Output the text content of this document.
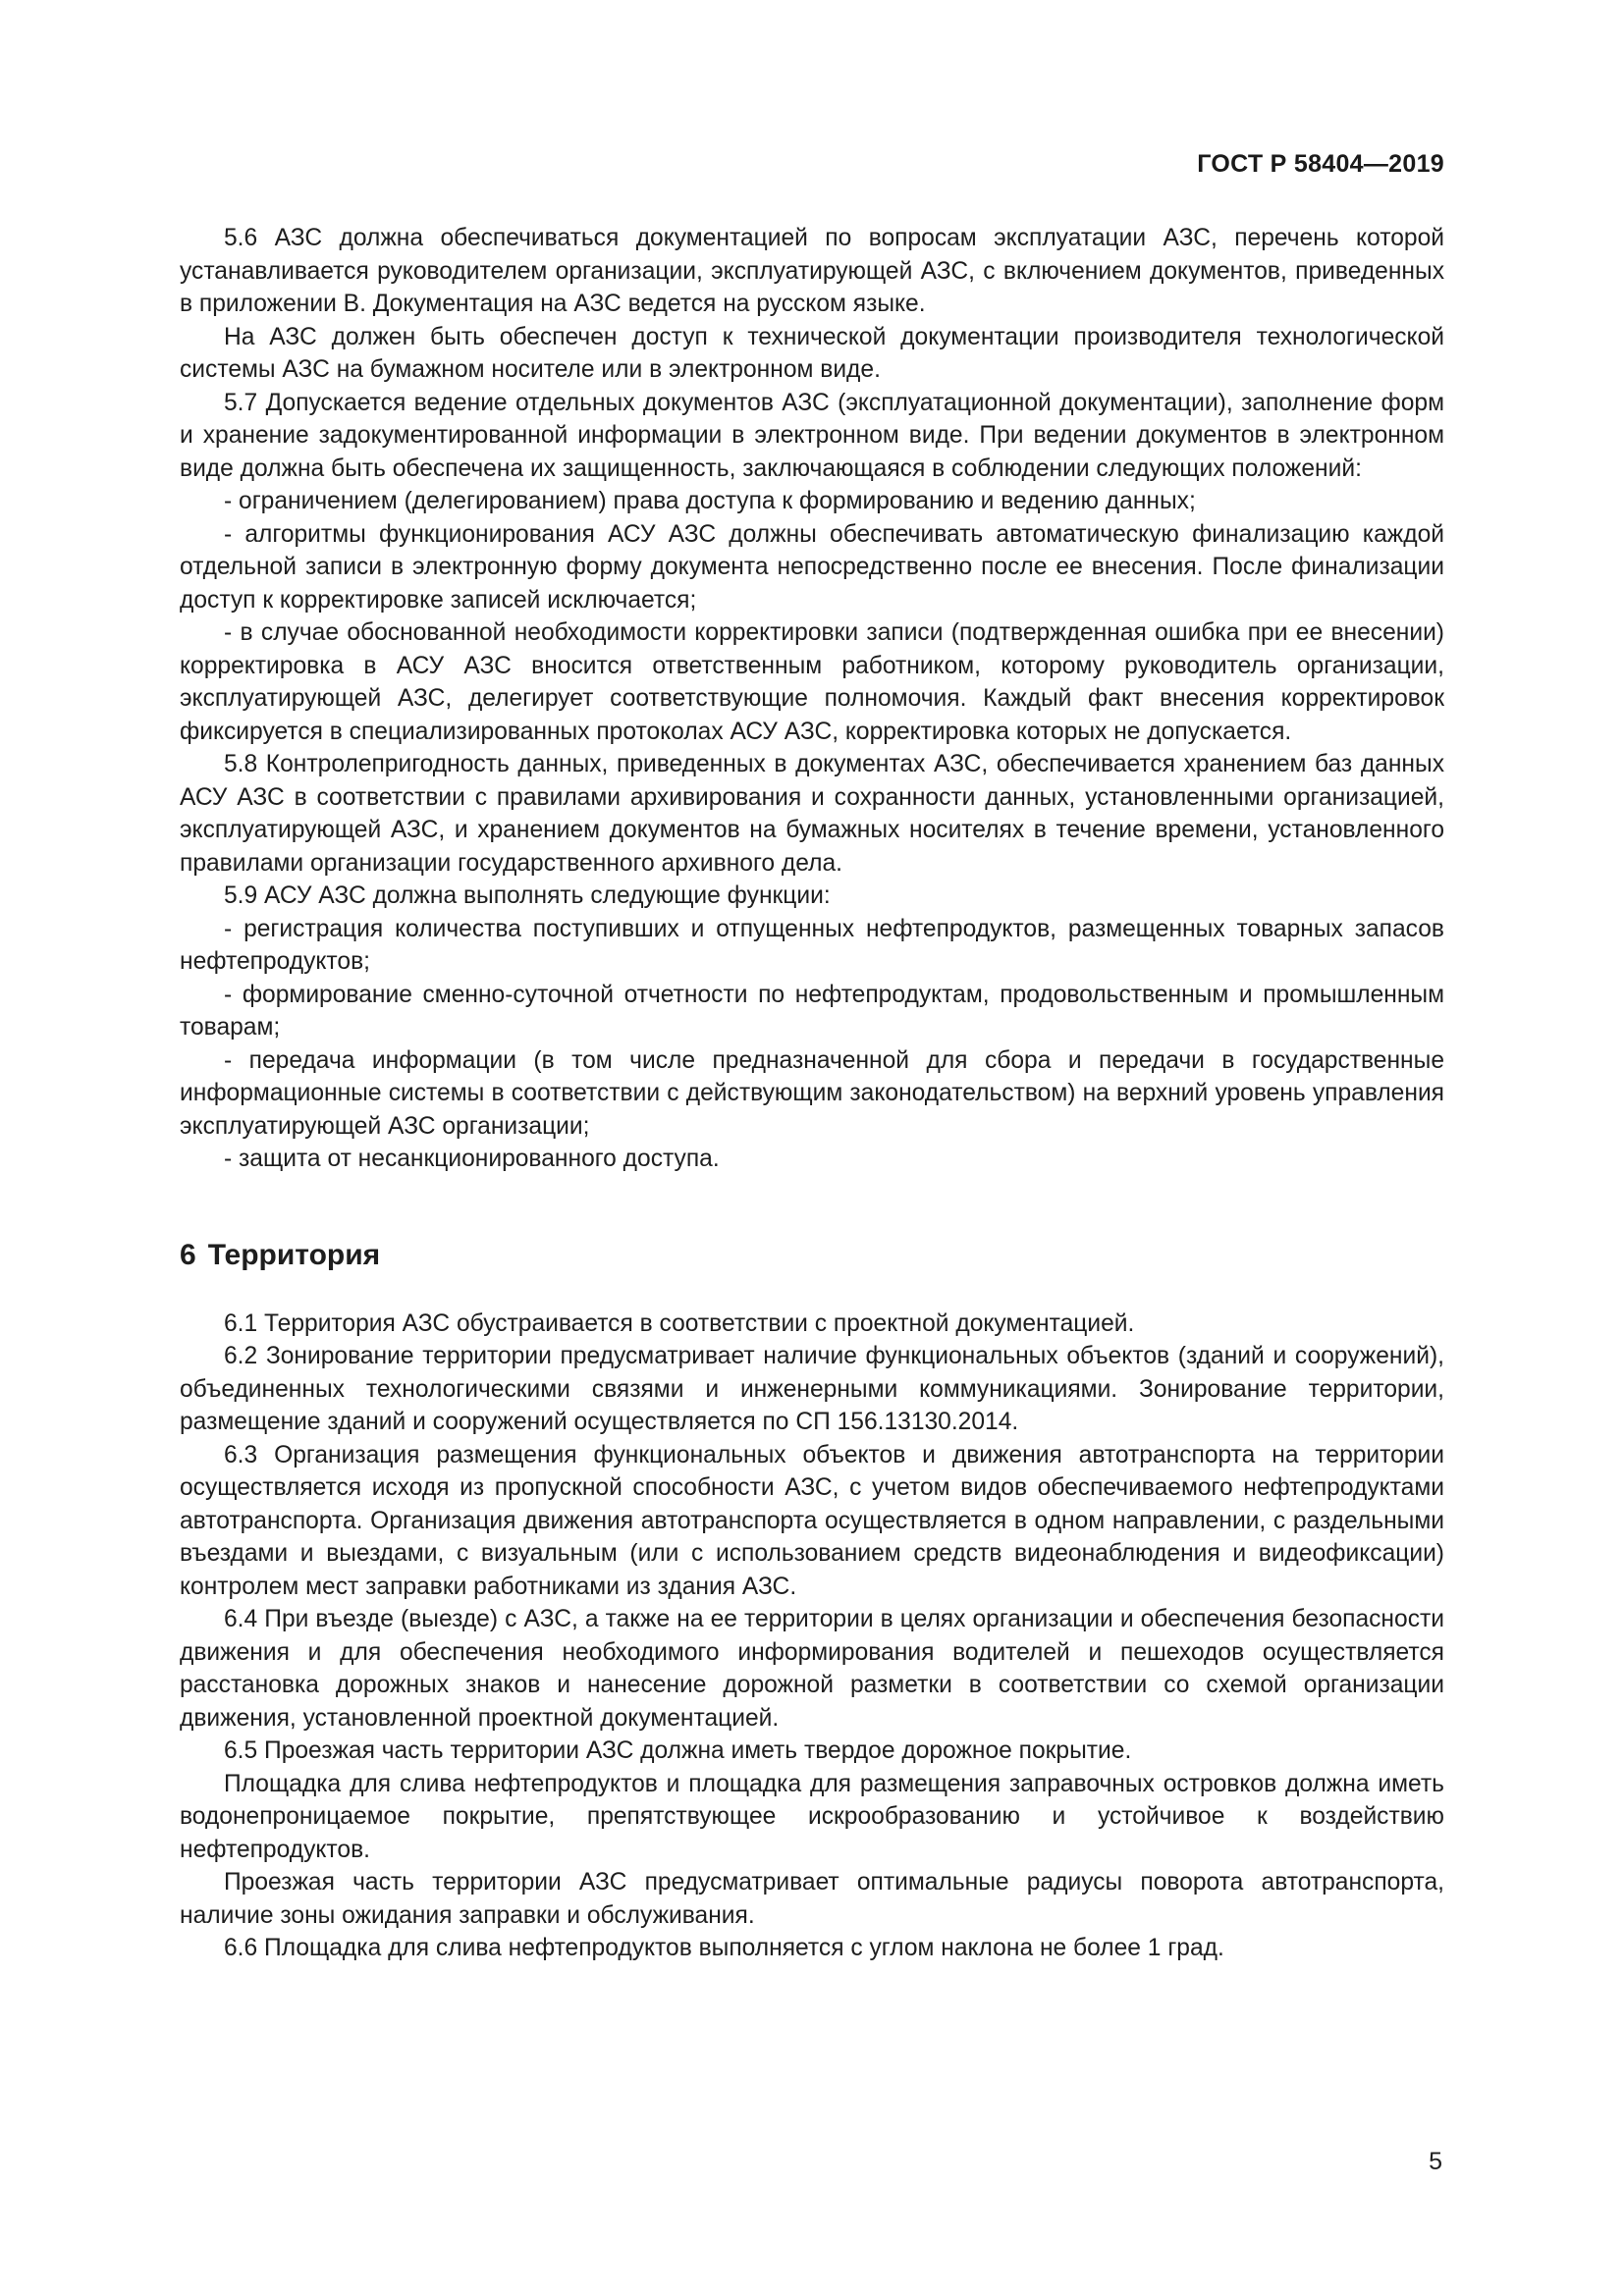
ГОСТ Р 58404—2019

5.6 АЗС должна обеспечиваться документацией по вопросам эксплуатации АЗС, перечень которой устанавливается руководителем организации, эксплуатирующей АЗС, с включением документов, приведенных в приложении В. Документация на АЗС ведется на русском языке.

На АЗС должен быть обеспечен доступ к технической документации производителя технологической системы АЗС на бумажном носителе или в электронном виде.

5.7 Допускается ведение отдельных документов АЗС (эксплуатационной документации), заполнение форм и хранение задокументированной информации в электронном виде. При ведении документов в электронном виде должна быть обеспечена их защищенность, заключающаяся в соблюдении следующих положений:

- ограничением (делегированием) права доступа к формированию и ведению данных;

- алгоритмы функционирования АСУ АЗС должны обеспечивать автоматическую финализацию каждой отдельной записи в электронную форму документа непосредственно после ее внесения. После финализации доступ к корректировке записей исключается;

- в случае обоснованной необходимости корректировки записи (подтвержденная ошибка при ее внесении) корректировка в АСУ АЗС вносится ответственным работником, которому руководитель организации, эксплуатирующей АЗС, делегирует соответствующие полномочия. Каждый факт внесения корректировок фиксируется в специализированных протоколах АСУ АЗС, корректировка которых не допускается.

5.8 Контролепригодность данных, приведенных в документах АЗС, обеспечивается хранением баз данных АСУ АЗС в соответствии с правилами архивирования и сохранности данных, установленными организацией, эксплуатирующей АЗС, и хранением документов на бумажных носителях в течение времени, установленного правилами организации государственного архивного дела.

5.9 АСУ АЗС должна выполнять следующие функции:

- регистрация количества поступивших и отпущенных нефтепродуктов, размещенных товарных запасов нефтепродуктов;

- формирование сменно-суточной отчетности по нефтепродуктам, продовольственным и промышленным товарам;

- передача информации (в том числе предназначенной для сбора и передачи в государственные информационные системы в соответствии с действующим законодательством) на верхний уровень управления эксплуатирующей АЗС организации;

- защита от несанкционированного доступа.

6 Территория

6.1 Территория АЗС обустраивается в соответствии с проектной документацией.

6.2 Зонирование территории предусматривает наличие функциональных объектов (зданий и сооружений), объединенных технологическими связями и инженерными коммуникациями. Зонирование территории, размещение зданий и сооружений осуществляется по СП 156.13130.2014.

6.3 Организация размещения функциональных объектов и движения автотранспорта на территории осуществляется исходя из пропускной способности АЗС, с учетом видов обеспечиваемого нефтепродуктами автотранспорта. Организация движения автотранспорта осуществляется в одном направлении, с раздельными въездами и выездами, с визуальным (или с использованием средств видеонаблюдения и видеофиксации) контролем мест заправки работниками из здания АЗС.

6.4 При въезде (выезде) с АЗС, а также на ее территории в целях организации и обеспечения безопасности движения и для обеспечения необходимого информирования водителей и пешеходов осуществляется расстановка дорожных знаков и нанесение дорожной разметки в соответствии со схемой организации движения, установленной проектной документацией.

6.5 Проезжая часть территории АЗС должна иметь твердое дорожное покрытие.

Площадка для слива нефтепродуктов и площадка для размещения заправочных островков должна иметь водонепроницаемое покрытие, препятствующее искрообразованию и устойчивое к воздействию нефтепродуктов.

Проезжая часть территории АЗС предусматривает оптимальные радиусы поворота автотранспорта, наличие зоны ожидания заправки и обслуживания.

6.6 Площадка для слива нефтепродуктов выполняется с углом наклона не более 1 град.

5
